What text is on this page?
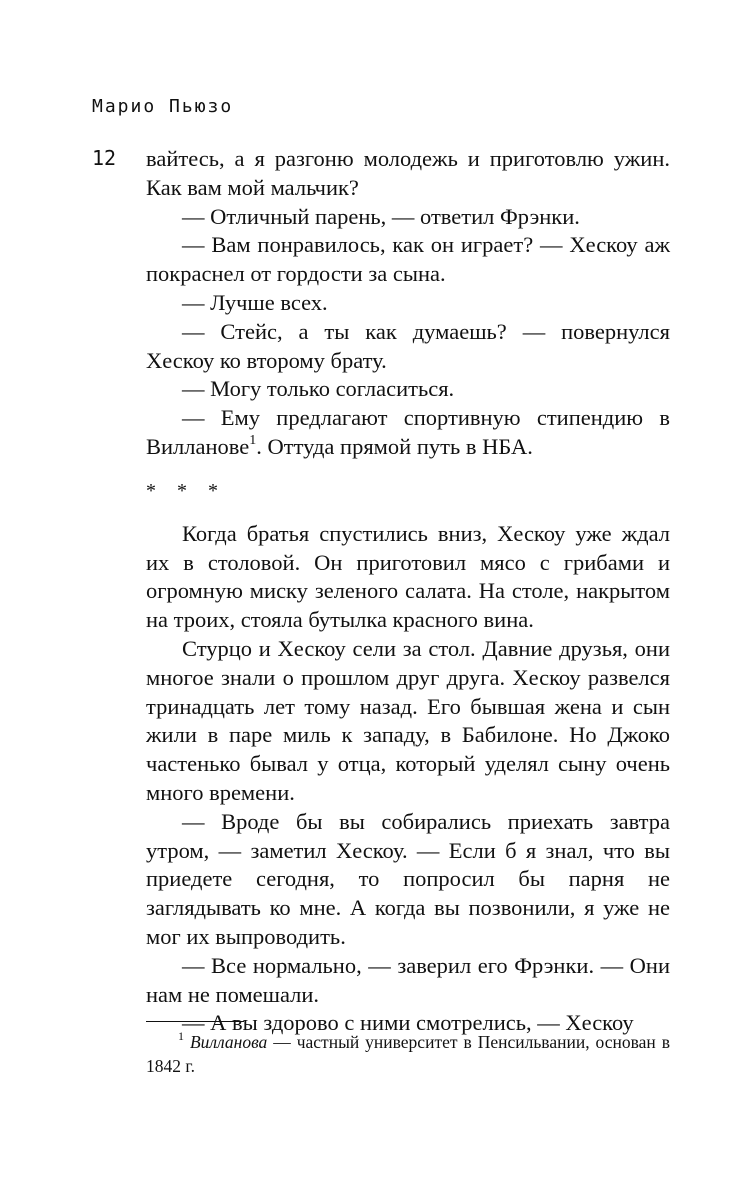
Марио Пьюзо
12 вайтесь, а я разгоню молодежь и приготовлю ужин. Как вам мой мальчик?

— Отличный парень, — ответил Фрэнки.

— Вам понравилось, как он играет? — Хескоу аж покраснел от гордости за сына.

— Лучше всех.

— Стейс, а ты как думаешь? — повернулся Хескоу ко второму брату.

— Могу только согласиться.

— Ему предлагают спортивную стипендию в Вилланове$^1$. Оттуда прямой путь в НБА.

* * *

Когда братья спустились вниз, Хескоу уже ждал их в столовой. Он приготовил мясо с грибами и огромную миску зеленого салата. На столе, накрытом на троих, стояла бутылка красного вина.

Стурцо и Хескоу сели за стол. Давние друзья, они многое знали о прошлом друг друга. Хескоу развелся тринадцать лет тому назад. Его бывшая жена и сын жили в паре миль к западу, в Бабилоне. Но Джоко частенько бывал у отца, который уделял сыну очень много времени.

— Вроде бы вы собирались приехать завтра утром, — заметил Хескоу. — Если б я знал, что вы приедете сегодня, то попросил бы парня не заглядывать ко мне. А когда вы позвонили, я уже не мог их выпроводить.

— Все нормально, — заверил его Фрэнки. — Они нам не помешали.

— А вы здорово с ними смотрелись, — Хескоу

$^1$ Вилланова — частный университет в Пенсильвании, основан в 1842 г.
